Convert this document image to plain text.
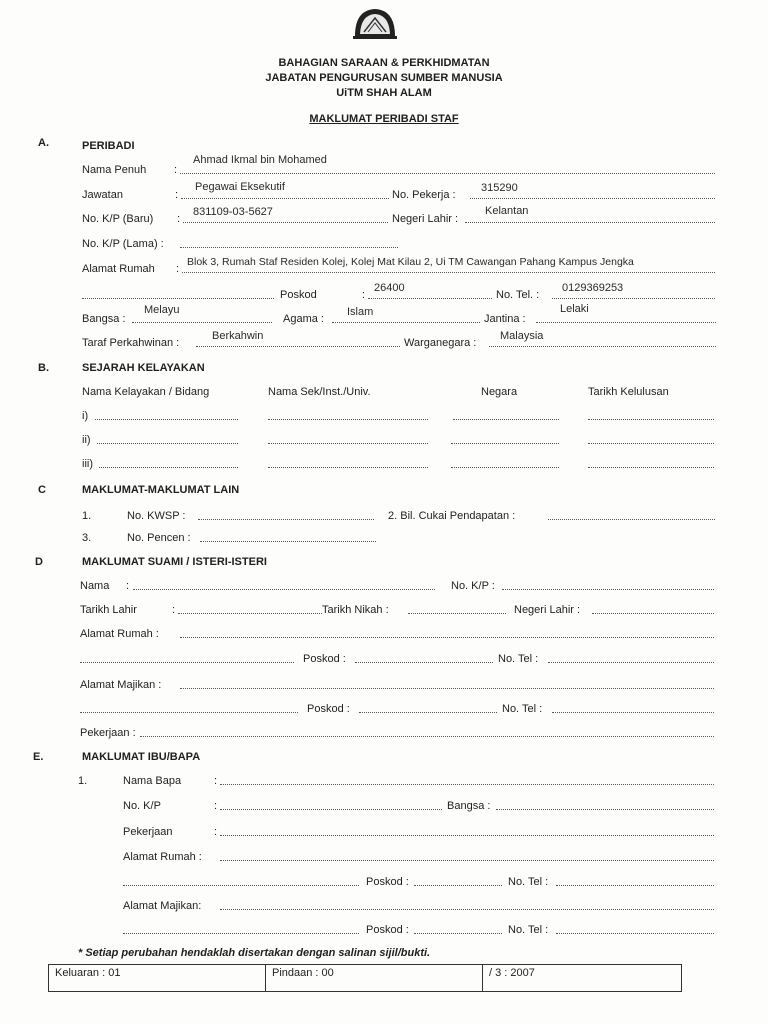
BAHAGIAN SARAAN & PERKHIDMATAN
JABATAN PENGURUSAN SUMBER MANUSIA
UiTM SHAH ALAM
MAKLUMAT PERIBADI STAF
A.	PERIBADI
Nama Penuh	:
Ahmad Ikmal bin Mohamed
Jawatan	:
Pegawai Eksekutif
No. Pekerja :
315290
No. K/P (Baru) :
831109-03-5627
Negeri Lahir :
Kelantan
No. K/P (Lama) :
Alamat Rumah :
Blok 3, Rumah Staf Residen Kolej, Kolej Mat Kilau 2, Ui TM Cawangan Pahang Kampus Jengka
Poskod	:
26400
No. Tel. :
0129369253
Bangsa :
Melayu
Agama :
Islam
Jantina :
Lelaki
Taraf Perkahwinan :
Berkahwin
Warganegara :
Malaysia
B.	SEJARAH KELAYAKAN
Nama Kelayakan / Bidang	Nama Sek/Inst./Univ.	Negara	Tarikh Kelulusan
i)
ii)
iii)
C	MAKLUMAT-MAKLUMAT LAIN
1.	No. KWSP :	2. Bil. Cukai Pendapatan :
3.	No. Pencen :
D	MAKLUMAT SUAMI / ISTERI-ISTERI
Nama :	No. K/P :
Tarikh Lahir	:	Tarikh Nikah :	Negeri Lahir :
Alamat Rumah :
Poskod :	No. Tel :
Alamat Majikan :
Poskod :	No. Tel :
Pekerjaan :
E.	MAKLUMAT IBU/BAPA
1.	Nama Bapa	:
No. K/P	:	Bangsa :
Pekerjaan	:
Alamat Rumah :
Poskod :	No. Tel :
Alamat Majikan:
Poskod :	No. Tel :
* Setiap perubahan hendaklah disertakan dengan salinan sijil/bukti.
Keluaran : 01	Pindaan : 00	/ 3 : 2007
